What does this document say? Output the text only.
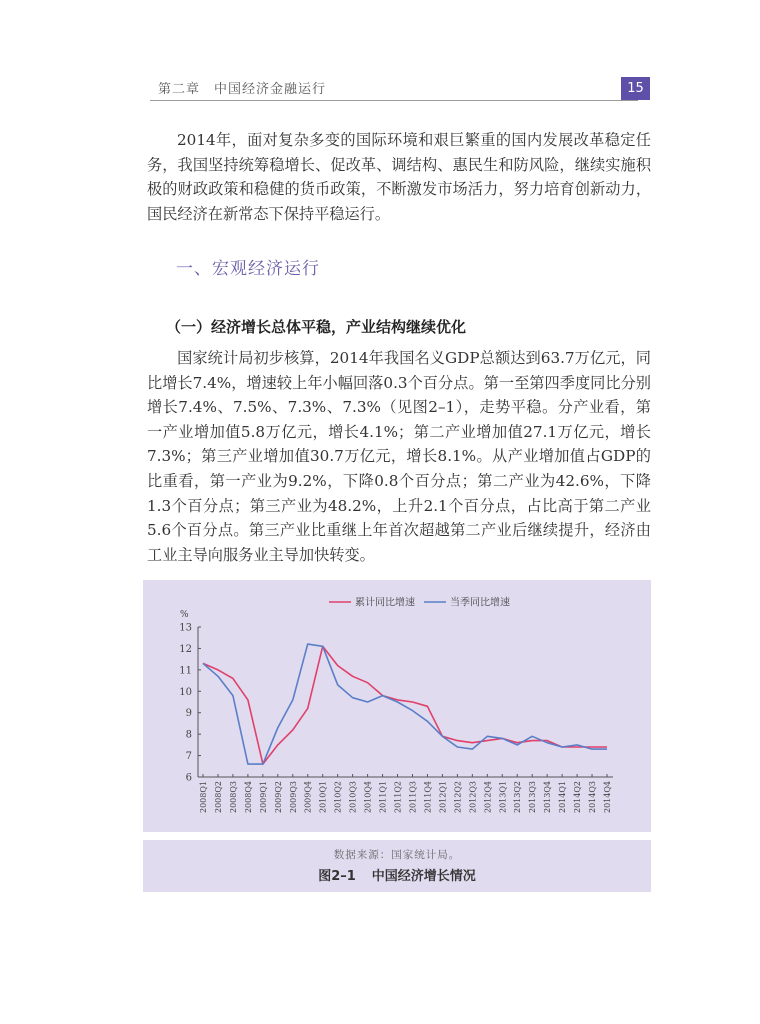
第二章 中国经济金融运行	15
2014年，面对复杂多变的国际环境和艰巨繁重的国内发展改革稳定任务，我国坚持统筹稳增长、促改革、调结构、惠民生和防风险，继续实施积极的财政政策和稳健的货币政策，不断激发市场活力，努力培育创新动力，国民经济在新常态下保持平稳运行。
一、宏观经济运行
（一）经济增长总体平稳，产业结构继续优化
国家统计局初步核算，2014年我国名义GDP总额达到63.7万亿元，同比增长7.4%，增速较上年小幅回落0.3个百分点。第一至第四季度同比分别增长7.4%、7.5%、7.3%、7.3%（见图2–1），走势平稳。分产业看，第一产业增加值5.8万亿元，增长4.1%；第二产业增加值27.1万亿元，增长7.3%；第三产业增加值30.7万亿元，增长8.1%。从产业增加值占GDP的比重看，第一产业为9.2%，下降0.8个百分点；第二产业为42.6%，下降1.3个百分点；第三产业为48.2%，上升2.1个百分点，占比高于第二产业5.6个百分点。第三产业比重继上年首次超越第二产业后继续提升，经济由工业主导向服务业主导加快转变。
%
6
7
8
9
10
11
12
13
2008Q1 2008Q2 2008Q3 2008Q4 2009Q1 2009Q2 2009Q3 2009Q4 2010Q1 2010Q2 2010Q3 2010Q4 2011Q1 2011Q2 2011Q3 2011Q4 2012Q1 2012Q2 2012Q3 2012Q4 2013Q1 2013Q2 2013Q3 2013Q4 2014Q1 2014Q2 2014Q3 2014Q4
累计同比增速	当季同比增速
数据来源：国家统计局。
图2–1 中国经济增长情况
